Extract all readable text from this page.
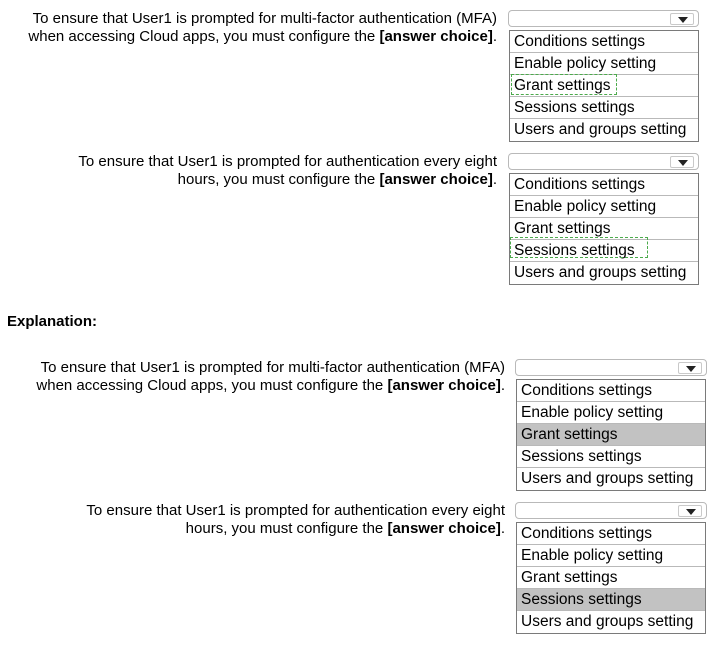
To ensure that User1 is prompted for multi-factor authentication (MFA)
when accessing Cloud apps, you must configure the [answer choice]. Conditions settings
Enable policy setting
Grant settings
Sessions settings
Users and groups setting
To ensure that User1 is prompted for authentication every eight
hours, you must configure the [answer choice]. Conditions settings
Enable policy setting
Grant settings
Sessions settings
Users and groups setting
Explanation:
To ensure that User1 is prompted for multi-factor authentication (MFA)
when accessing Cloud apps, you must configure the [answer choice]. Conditions settings
Enable policy setting
Grant settings
Sessions settings
Users and groups setting
To ensure that User1 is prompted for authentication every eight
hours, you must configure the [answer choice]. Conditions settings
Enable policy setting
Grant settings
Sessions settings
Users and groups setting
